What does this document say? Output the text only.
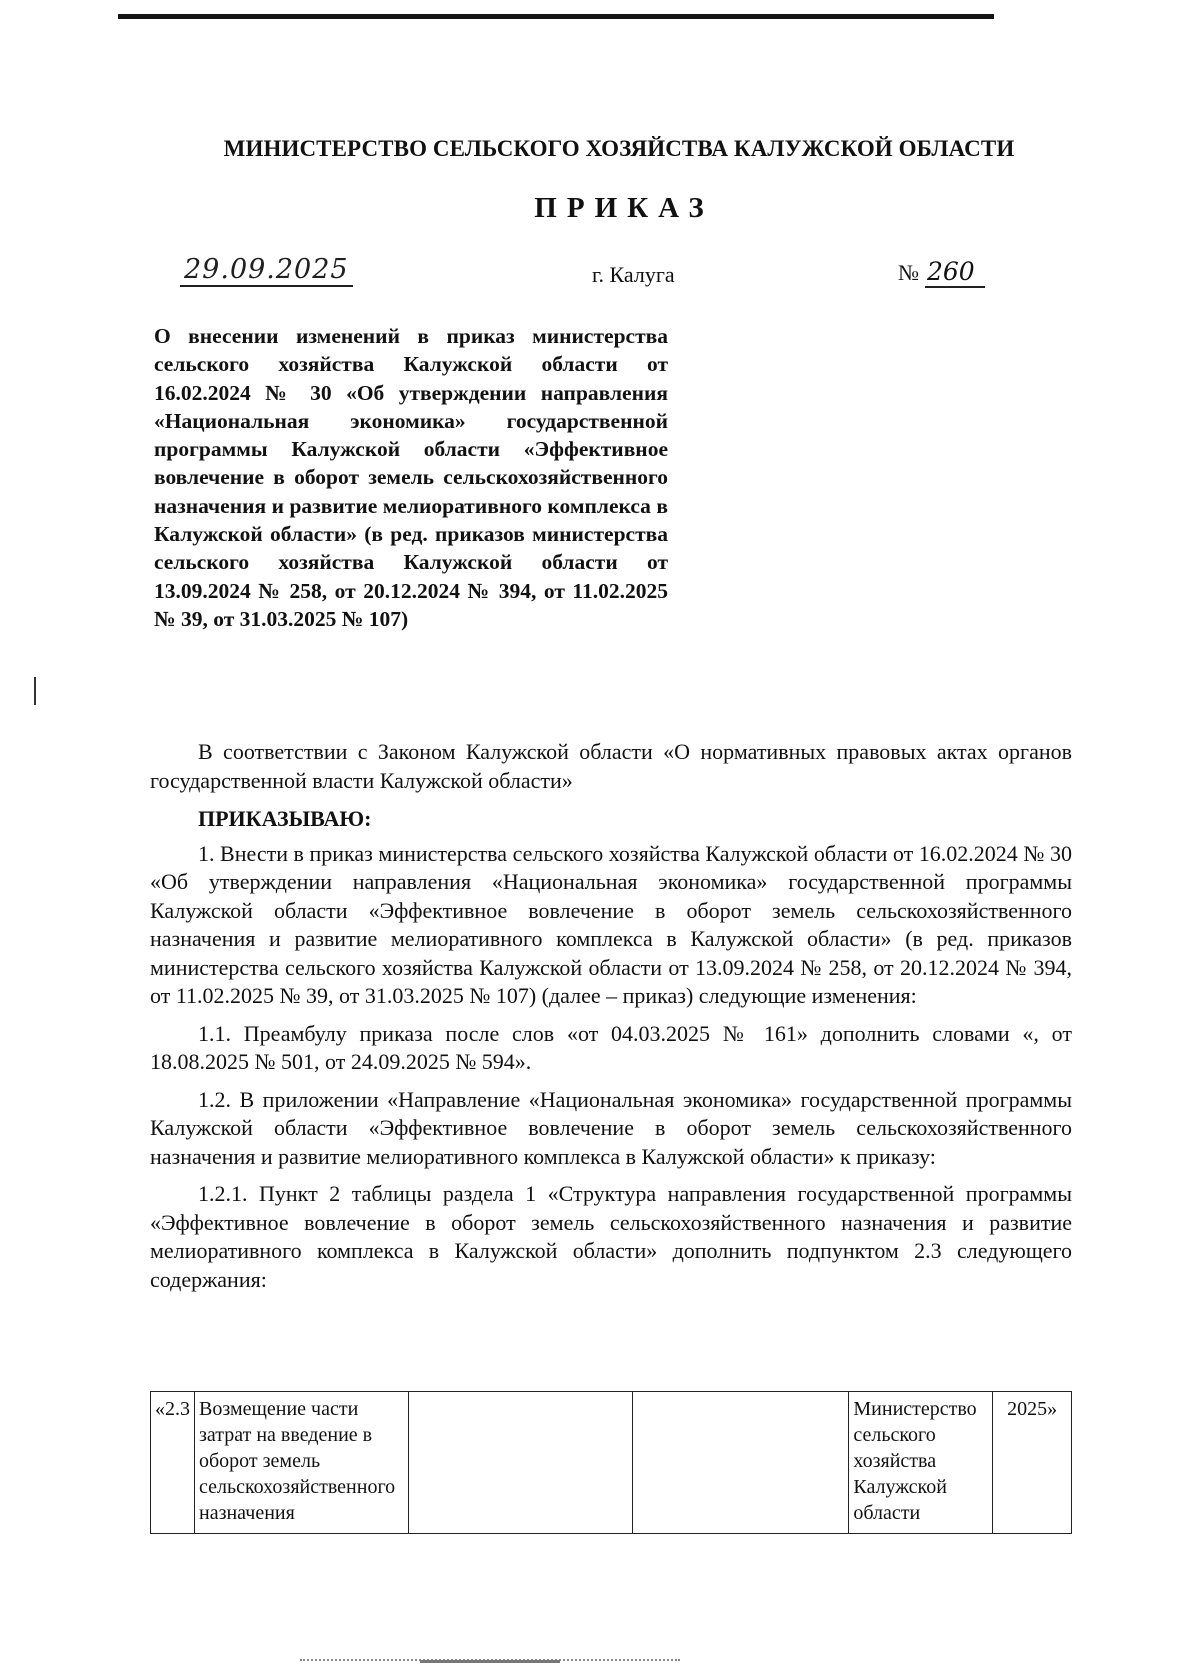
МИНИСТЕРСТВО СЕЛЬСКОГО ХОЗЯЙСТВА КАЛУЖСКОЙ ОБЛАСТИ
ПРИКАЗ
29.09.2025	г. Калуга	№ 260
О внесении изменений в приказ министерства сельского хозяйства Калужской области от 16.02.2024 № 30 «Об утверждении направления «Национальная экономика» государственной программы Калужской области «Эффективное вовлечение в оборот земель сельскохозяйственного назначения и развитие мелиоративного комплекса в Калужской области» (в ред. приказов министерства сельского хозяйства Калужской области от 13.09.2024 № 258, от 20.12.2024 № 394, от 11.02.2025 № 39, от 31.03.2025 № 107)

В соответствии с Законом Калужской области «О нормативных правовых актах органов государственной власти Калужской области»

ПРИКАЗЫВАЮ:

1. Внести в приказ министерства сельского хозяйства Калужской области от 16.02.2024 № 30 «Об утверждении направления «Национальная экономика» государственной программы Калужской области «Эффективное вовлечение в оборот земель сельскохозяйственного назначения и развитие мелиоративного комплекса в Калужской области» (в ред. приказов министерства сельского хозяйства Калужской области от 13.09.2024 № 258, от 20.12.2024 № 394, от 11.02.2025 № 39, от 31.03.2025 № 107) (далее – приказ) следующие изменения:

1.1. Преамбулу приказа после слов «от 04.03.2025 № 161» дополнить словами «, от 18.08.2025 № 501, от 24.09.2025 № 594».

1.2. В приложении «Направление «Национальная экономика» государственной программы Калужской области «Эффективное вовлечение в оборот земель сельскохозяйственного назначения и развитие мелиоративного комплекса в Калужской области» к приказу:

1.2.1. Пункт 2 таблицы раздела 1 «Структура направления государственной программы «Эффективное вовлечение в оборот земель сельскохозяйственного назначения и развитие мелиоративного комплекса в Калужской области» дополнить подпунктом 2.3 следующего содержания:

«2.3	Возмещение части затрат на введение в оборот земель сельскохозяйственного назначения			Министерство сельского хозяйства Калужской области	2025»
